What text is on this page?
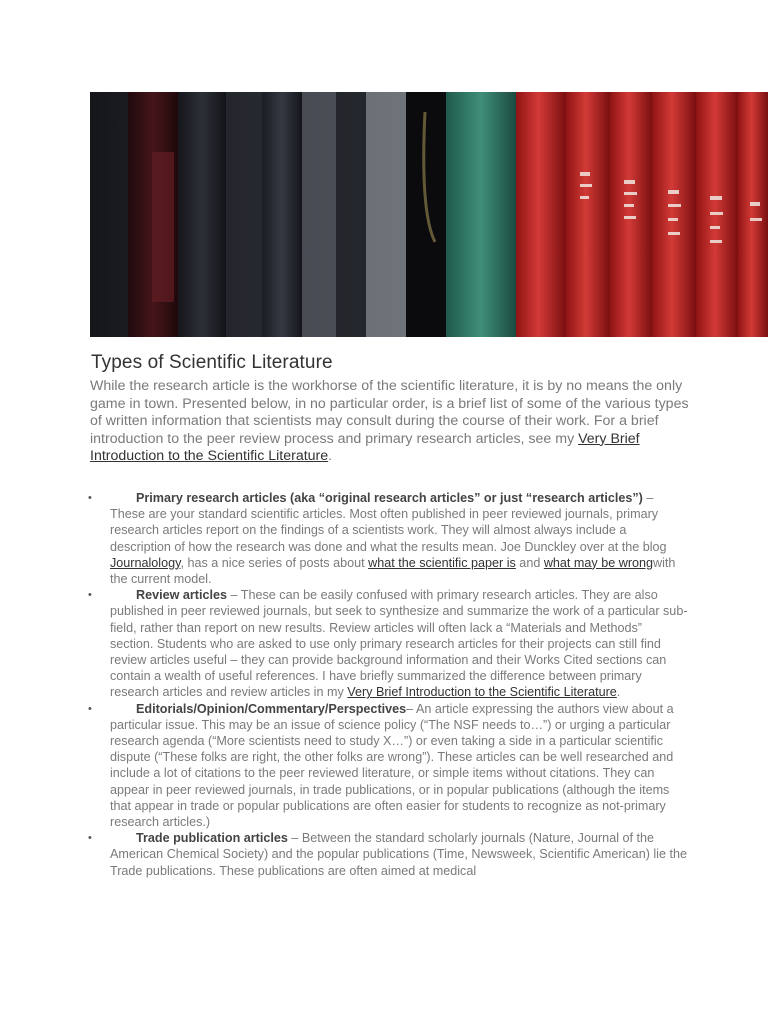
Types of Scientific Literature

While the research article is the workhorse of the scientific literature, it is by no means the only game in town. Presented below, in no particular order, is a brief list of some of the various types of written information that scientists may consult during the course of their work. For a brief introduction to the peer review process and primary research articles, see my Very Brief Introduction to the Scientific Literature.

•	Primary research articles (aka “original research articles” or just “research articles”) – These are your standard scientific articles. Most often published in peer reviewed journals, primary research articles report on the findings of a scientists work. They will almost always include a description of how the research was done and what the results mean. Joe Dunckley over at the blog Journalology, has a nice series of posts about what the scientific paper is and what may be wrongwith the current model.
•	Review articles – These can be easily confused with primary research articles. They are also published in peer reviewed journals, but seek to synthesize and summarize the work of a particular sub-field, rather than report on new results. Review articles will often lack a “Materials and Methods” section. Students who are asked to use only primary research articles for their projects can still find review articles useful – they can provide background information and their Works Cited sections can contain a wealth of useful references. I have briefly summarized the difference between primary research articles and review articles in my Very Brief Introduction to the Scientific Literature.
•	Editorials/Opinion/Commentary/Perspectives– An article expressing the authors view about a particular issue. This may be an issue of science policy (“The NSF needs to…”) or urging a particular research agenda (“More scientists need to study X…”) or even taking a side in a particular scientific dispute (“These folks are right, the other folks are wrong”). These articles can be well researched and include a lot of citations to the peer reviewed literature, or simple items without citations. They can appear in peer reviewed journals, in trade publications, or in popular publications (although the items that appear in trade or popular publications are often easier for students to recognize as not-primary research articles.)
•	Trade publication articles – Between the standard scholarly journals (Nature, Journal of the American Chemical Society) and the popular publications (Time, Newsweek, Scientific American) lie the Trade publications. These publications are often aimed at medical
